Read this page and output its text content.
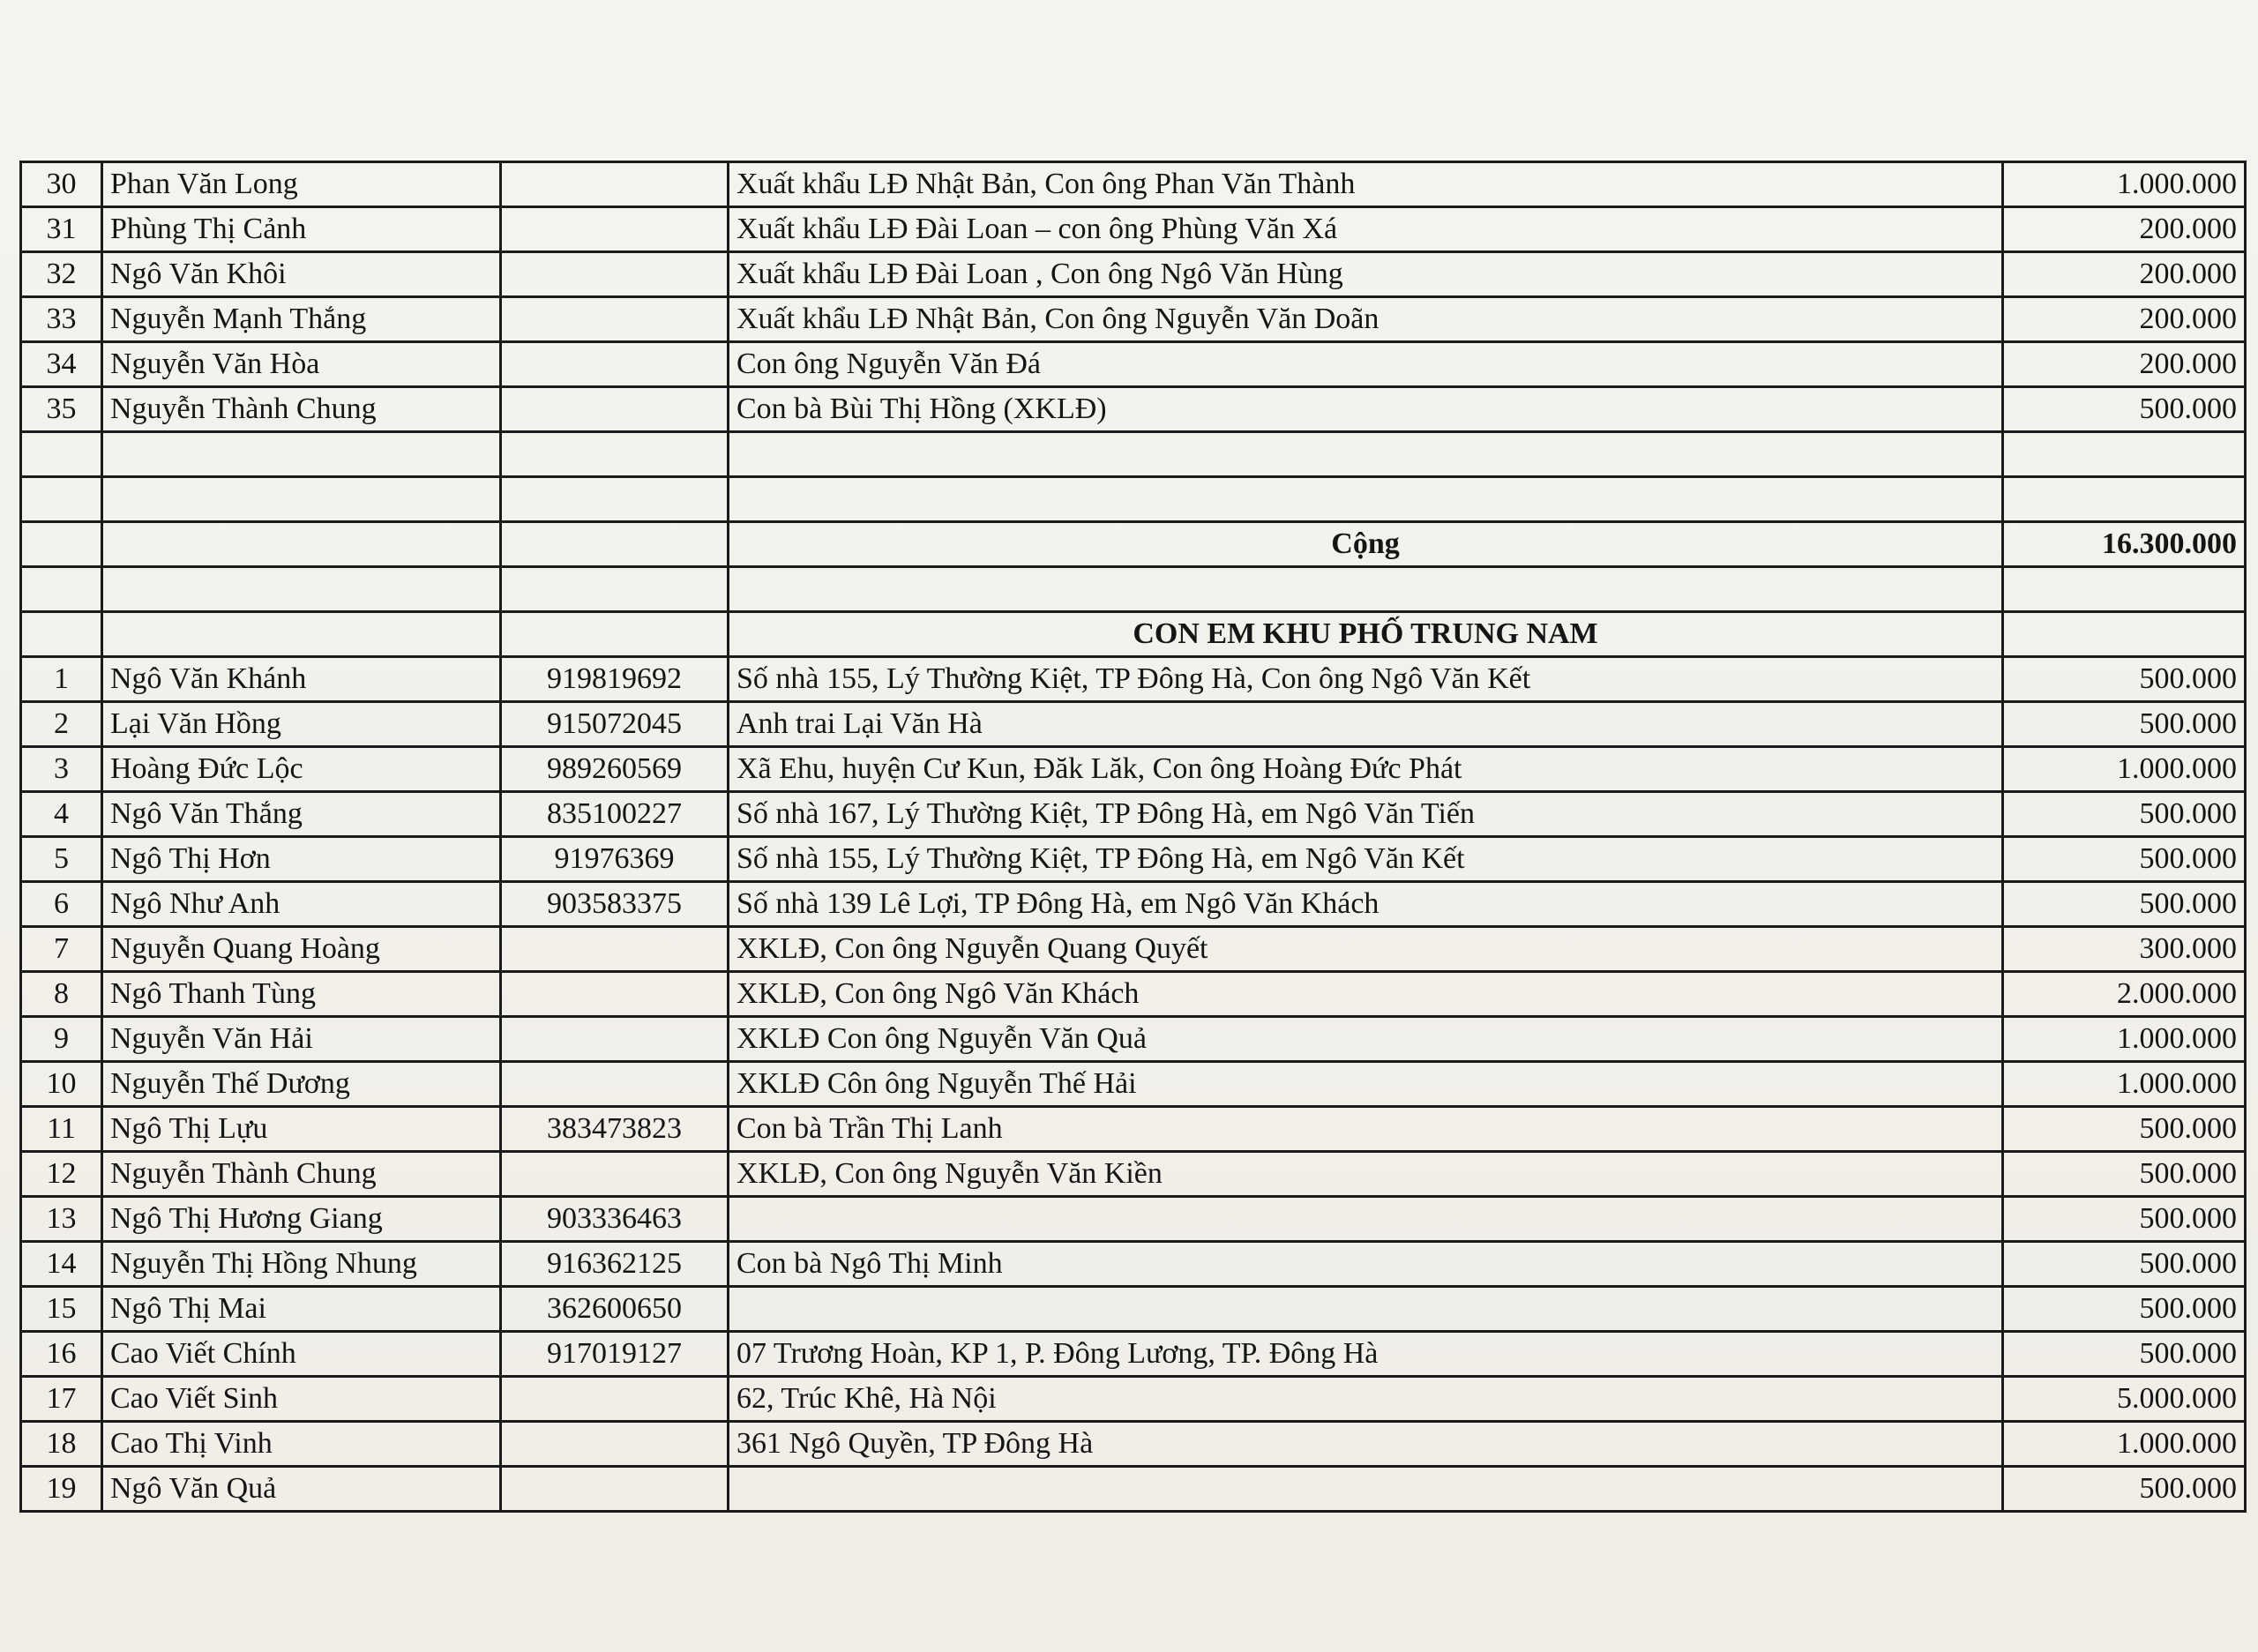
30	Phan Văn Long		Xuất khẩu LĐ Nhật Bản, Con ông Phan Văn Thành	1.000.000
31	Phùng Thị Cảnh		Xuất khẩu LĐ Đài Loan – con ông Phùng Văn Xá	200.000
32	Ngô Văn Khôi		Xuất khẩu LĐ Đài Loan , Con ông Ngô Văn Hùng	200.000
33	Nguyễn Mạnh Thắng		Xuất khẩu LĐ Nhật Bản, Con ông Nguyễn Văn Doãn	200.000
34	Nguyễn Văn Hòa		Con ông Nguyễn Văn Đá	200.000
35	Nguyễn Thành Chung		Con bà Bùi Thị Hồng (XKLĐ)	500.000

			Cộng	16.300.000

			CON EM KHU PHỐ TRUNG NAM	
1	Ngô Văn Khánh	919819692	Số nhà 155, Lý Thường Kiệt, TP Đông Hà, Con ông Ngô Văn Kết	500.000
2	Lại Văn Hồng	915072045	Anh trai Lại Văn Hà	500.000
3	Hoàng Đức Lộc	989260569	Xã Ehu, huyện Cư Kun, Đăk Lăk, Con ông Hoàng Đức Phát	1.000.000
4	Ngô Văn Thắng	835100227	Số nhà 167, Lý Thường Kiệt, TP Đông Hà, em Ngô Văn Tiến	500.000
5	Ngô Thị Hơn	91976369	Số nhà 155, Lý Thường Kiệt, TP Đông Hà, em Ngô Văn Kết	500.000
6	Ngô Như Anh	903583375	Số nhà 139 Lê Lợi, TP Đông Hà, em Ngô Văn Khách	500.000
7	Nguyễn Quang Hoàng		XKLĐ, Con ông Nguyễn Quang Quyết	300.000
8	Ngô Thanh Tùng		XKLĐ, Con ông Ngô Văn Khách	2.000.000
9	Nguyễn Văn Hải		XKLĐ Con ông Nguyễn Văn Quả	1.000.000
10	Nguyễn Thế Dương		XKLĐ Côn ông Nguyễn Thế Hải	1.000.000
11	Ngô Thị Lựu	383473823	Con bà Trần Thị Lanh	500.000
12	Nguyễn Thành Chung		XKLĐ, Con ông Nguyễn Văn Kiền	500.000
13	Ngô Thị Hương Giang	903336463		500.000
14	Nguyễn Thị Hồng Nhung	916362125	Con bà Ngô Thị Minh	500.000
15	Ngô Thị Mai	362600650		500.000
16	Cao Viết Chính	917019127	07 Trương Hoàn, KP 1, P. Đông Lương, TP. Đông Hà	500.000
17	Cao Viết Sinh		62, Trúc Khê, Hà Nội	5.000.000
18	Cao Thị Vinh		361 Ngô Quyền, TP Đông Hà	1.000.000
19	Ngô Văn Quả			500.000
